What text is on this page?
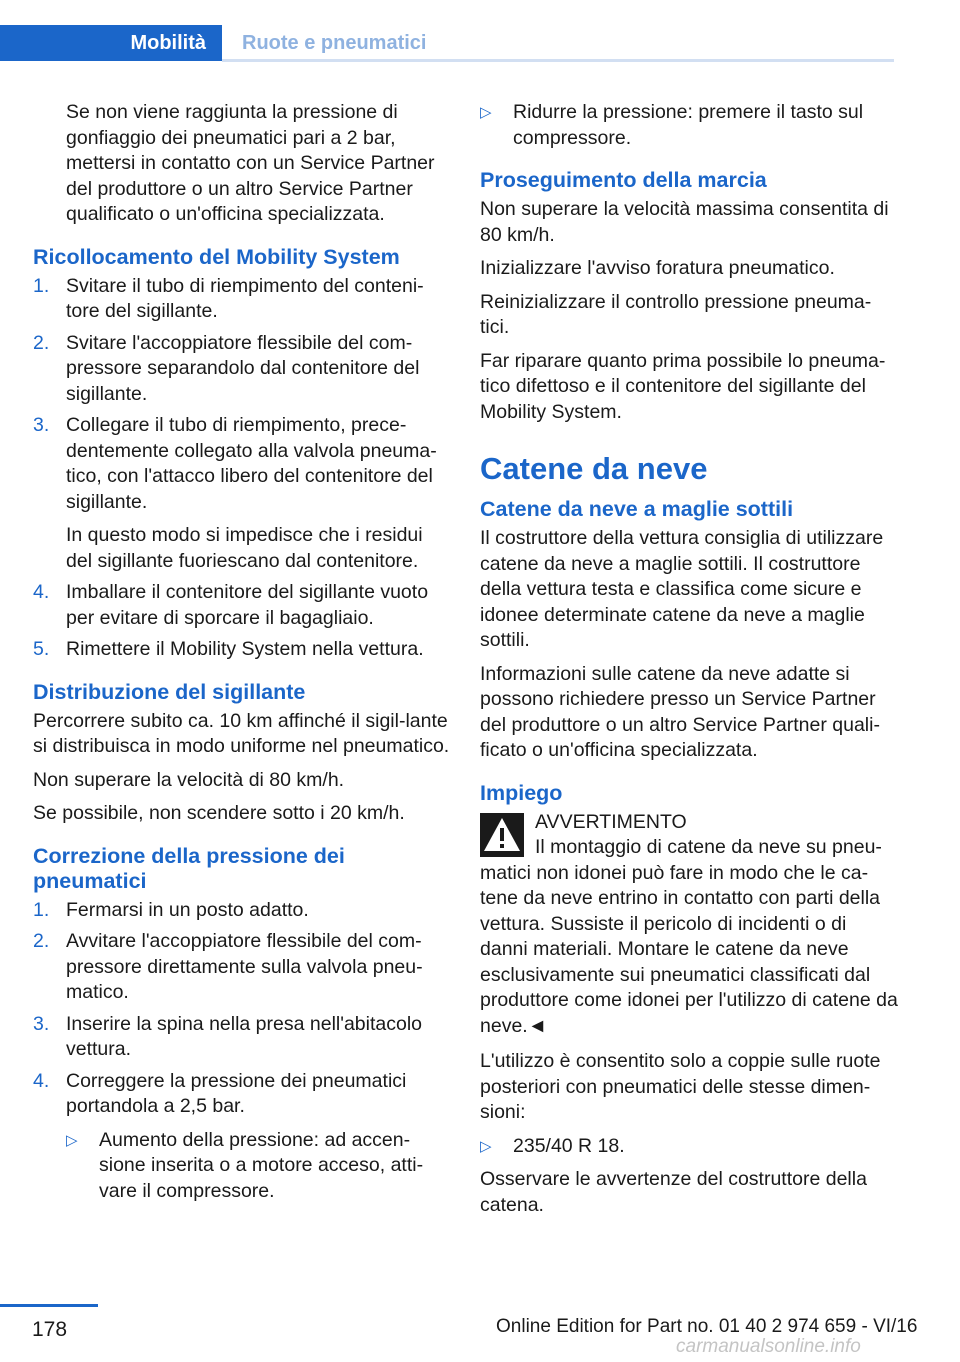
Mobilità	Ruote e pneumatici

Se non viene raggiunta la pressione di gonfiaggio dei pneumatici pari a 2 bar, mettersi in contatto con un Service Partner del produttore o un altro Service Partner qualificato o un'officina specializzata.

Ricollocamento del Mobility System
1. Svitare il tubo di riempimento del conteni‐tore del sigillante.
2. Svitare l'accoppiatore flessibile del com‐pressore separandolo dal contenitore del sigillante.
3. Collegare il tubo di riempimento, prece‐dentemente collegato alla valvola pneuma‐tico, con l'attacco libero del contenitore del sigillante.
In questo modo si impedisce che i residui del sigillante fuoriescano dal contenitore.
4. Imballare il contenitore del sigillante vuoto per evitare di sporcare il bagagliaio.
5. Rimettere il Mobility System nella vettura.
Distribuzione del sigillante

Percorrere subito ca. 10 km affinché il sigil‐lante si distribuisca in modo uniforme nel pneumatico.

Non superare la velocità di 80 km/h.

Se possibile, non scendere sotto i 20 km/h.

Correzione della pressione dei pneumatici
1. Fermarsi in un posto adatto.
2. Avvitare l'accoppiatore flessibile del com‐pressore direttamente sulla valvola pneu‐matico.
3. Inserire la spina nella presa nell'abitacolo vettura.
4. Correggere la pressione dei pneumatici portandola a 2,5 bar.
▷ Aumento della pressione: ad accen‐sione inserita o a motore acceso, atti‐vare il compressore.
▷ Ridurre la pressione: premere il tasto sul compressore.
Proseguimento della marcia

Non superare la velocità massima consentita di 80 km/h.

Inizializzare l'avviso foratura pneumatico.

Reinizializzare il controllo pressione pneuma‐tici.

Far riparare quanto prima possibile lo pneuma‐tico difettoso e il contenitore del sigillante del Mobility System.

Catene da neve
Catene da neve a maglie sottili

Il costruttore della vettura consiglia di utilizzare catene da neve a maglie sottili. Il costruttore della vettura testa e classifica come sicure e idonee determinate catene da neve a maglie sottili.

Informazioni sulle catene da neve adatte si possono richiedere presso un Service Partner del produttore o un altro Service Partner quali‐ficato o un'officina specializzata.

Impiego
AVVERTIMENTO
Il montaggio di catene da neve su pneu‐matici non idonei può fare in modo che le ca‐tene da neve entrino in contatto con parti della vettura. Sussiste il pericolo di incidenti o di danni materiali. Montare le catene da neve esclusivamente sui pneumatici classificati dal produttore come idonei per l'utilizzo di catene da neve.◄

L'utilizzo è consentito solo a coppie sulle ruote posteriori con pneumatici delle stesse dimen‐sioni:

▷ 235/40 R 18.

Osservare le avvertenze del costruttore della catena.

178	Online Edition for Part no. 01 40 2 974 659 - VI/16
carmanualsonline.info
